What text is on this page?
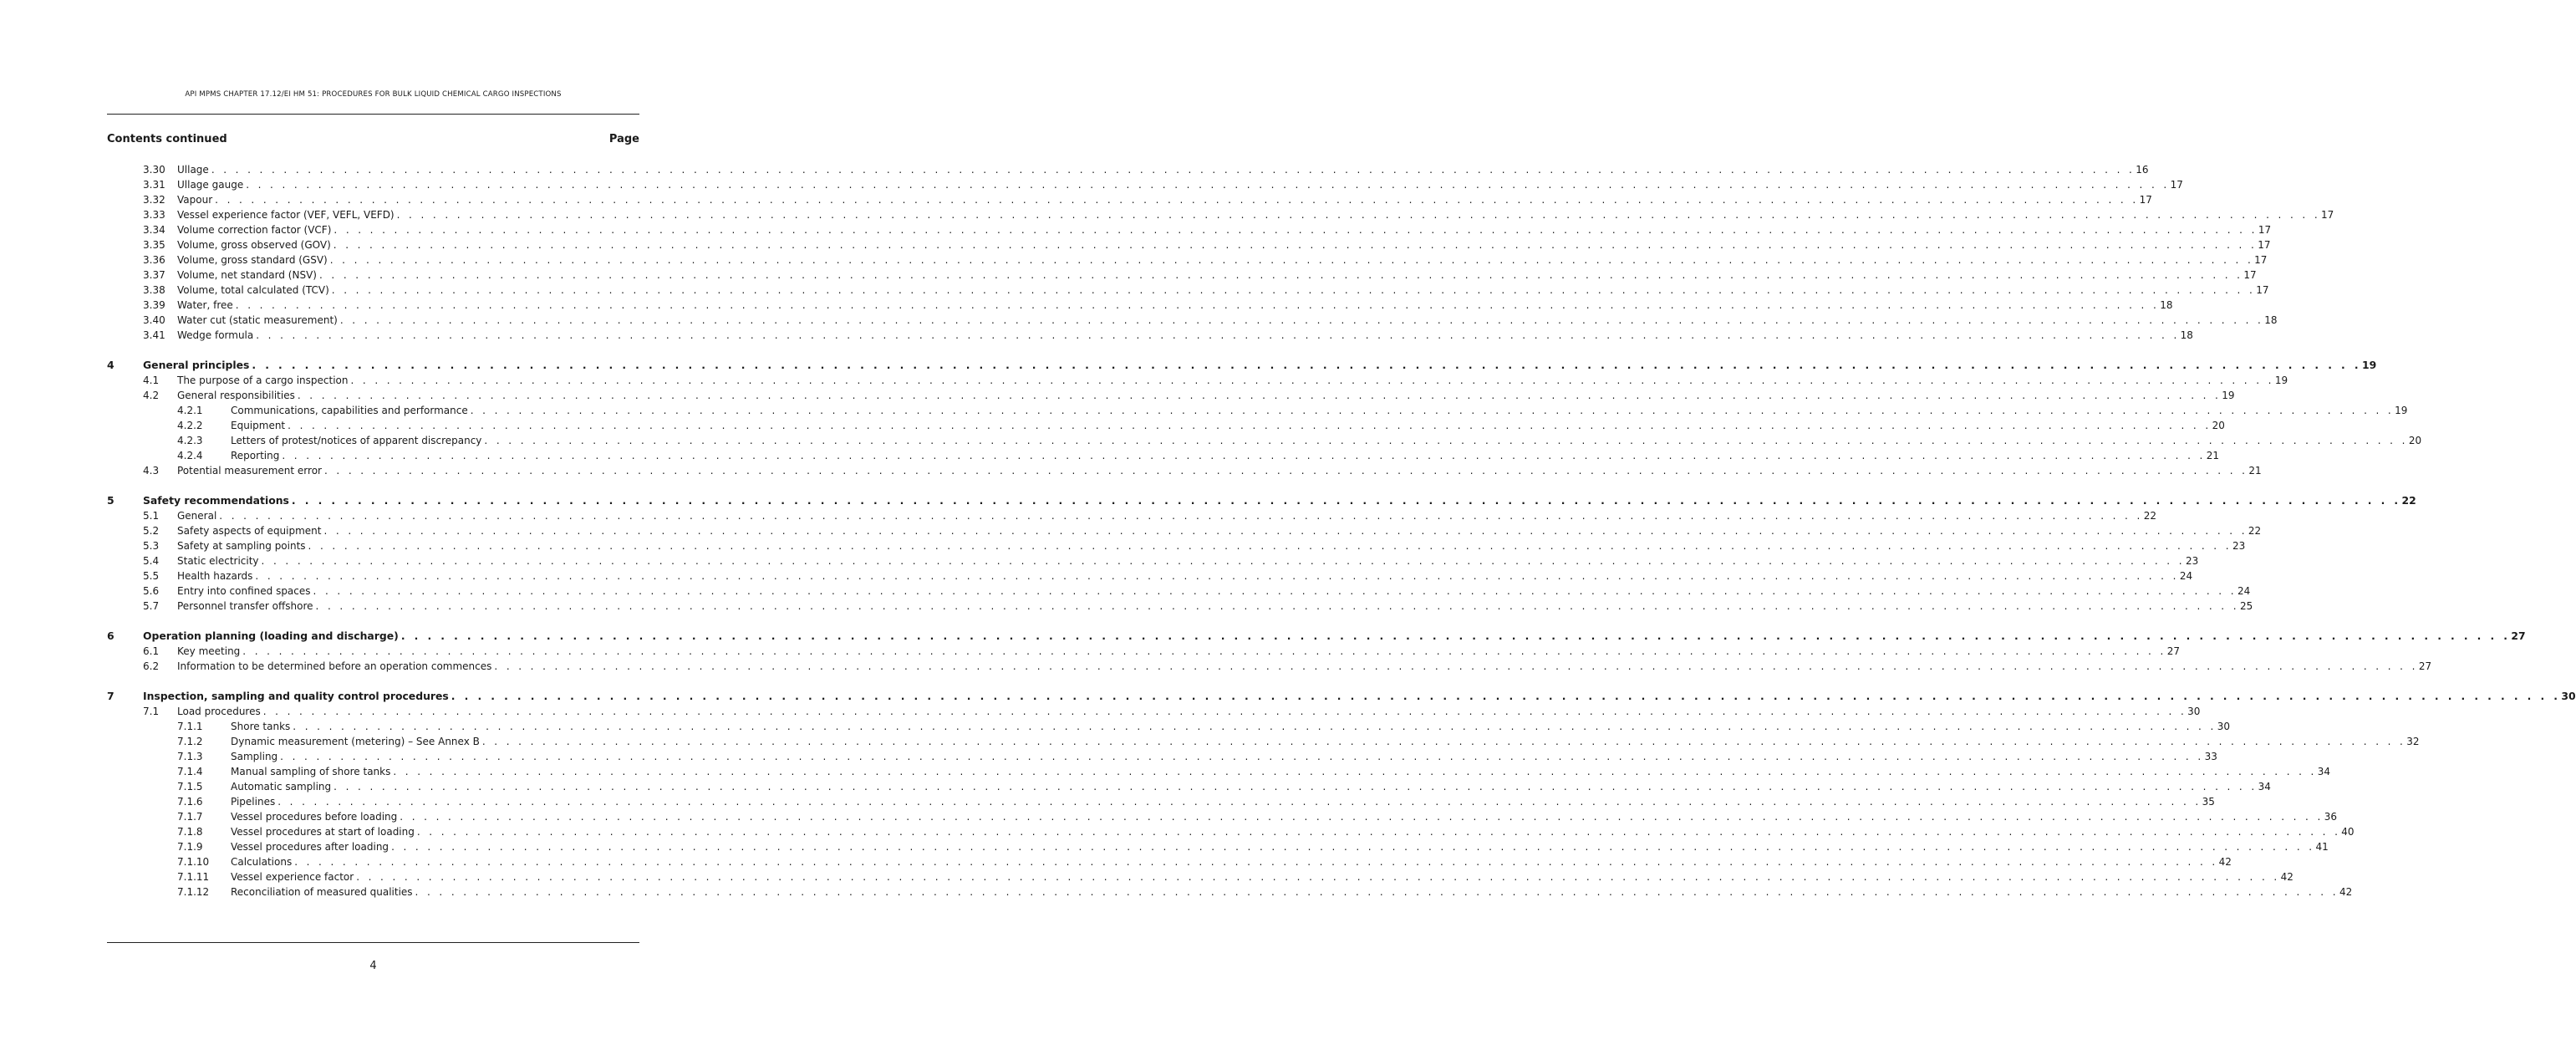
API MPMS CHAPTER 17.12/EI HM 51: PROCEDURES FOR BULK LIQUID CHEMICAL CARGO INSPECTIONS
Contents continued	Page
3.30 Ullage . . . . . . . . . . . . . . . . . . . . . . . . . . . . . . . . . . . . . . . . . . . . . . . . . . . . . . . . . . . . . . . . . . . . . . . . . . . . . . . . . . . . . . . . . . . . . . . . . . . . . . . . . . . . . . . . . . . . . . . . . . . . . . . . . . . . . . . . . . . . . . . . . . . . . . . . . . . . . . . . 16
3.31 Ullage gauge . . . . . . . . . . . . . . . . . . . . . . . . . . . . . . . . . . . . . . . . . . . . . . . . . . . . . . . . . . . . . . . . . . . . . . . . . . . . . . . . . . . . . . . . . . . . . . . . . . . . . . . . . . . . . . . . . . . . . . . . . . . . . . . . . . . . . . . . . . . . . . . . . . . . . . . . . . . . . . . . 17
3.32 Vapour . . . . . . . . . . . . . . . . . . . . . . . . . . . . . . . . . . . . . . . . . . . . . . . . . . . . . . . . . . . . . . . . . . . . . . . . . . . . . . . . . . . . . . . . . . . . . . . . . . . . . . . . . . . . . . . . . . . . . . . . . . . . . . . . . . . . . . . . . . . . . . . . . . . . . . . . . . . . . . . . 17
3.33 Vessel experience factor (VEF, VEFL, VEFD) . . . . . . . . . . . . . . . . . . . . . . . . . . . . . . . . . . . . . . . . . . . . . . . . . . . . . . . . . . . . . . . . . . . . . . . . . . . . . . . . . . . . . . . . . . . . . . . . . . . . . . . . . . . . . . . . . . . . . . . . . . . . . . . . . . . . . . . . . . . . . . . . . . . . . . . . . . . . . . . . 17
3.34 Volume correction factor (VCF) . . . . . . . . . . . . . . . . . . . . . . . . . . . . . . . . . . . . . . . . . . . . . . . . . . . . . . . . . . . . . . . . . . . . . . . . . . . . . . . . . . . . . . . . . . . . . . . . . . . . . . . . . . . . . . . . . . . . . . . . . . . . . . . . . . . . . . . . . . . . . . . . . . . . . . . . . . . . . . . . 17
3.35 Volume, gross observed (GOV) . . . . . . . . . . . . . . . . . . . . . . . . . . . . . . . . . . . . . . . . . . . . . . . . . . . . . . . . . . . . . . . . . . . . . . . . . . . . . . . . . . . . . . . . . . . . . . . . . . . . . . . . . . . . . . . . . . . . . . . . . . . . . . . . . . . . . . . . . . . . . . . . . . . . . . . . . . . . . . . . 17
3.36 Volume, gross standard (GSV) . . . . . . . . . . . . . . . . . . . . . . . . . . . . . . . . . . . . . . . . . . . . . . . . . . . . . . . . . . . . . . . . . . . . . . . . . . . . . . . . . . . . . . . . . . . . . . . . . . . . . . . . . . . . . . . . . . . . . . . . . . . . . . . . . . . . . . . . . . . . . . . . . . . . . . . . . . . . . . . . 17
3.37 Volume, net standard (NSV) . . . . . . . . . . . . . . . . . . . . . . . . . . . . . . . . . . . . . . . . . . . . . . . . . . . . . . . . . . . . . . . . . . . . . . . . . . . . . . . . . . . . . . . . . . . . . . . . . . . . . . . . . . . . . . . . . . . . . . . . . . . . . . . . . . . . . . . . . . . . . . . . . . . . . . . . . . . . . . . . 17
3.38 Volume, total calculated (TCV) . . . . . . . . . . . . . . . . . . . . . . . . . . . . . . . . . . . . . . . . . . . . . . . . . . . . . . . . . . . . . . . . . . . . . . . . . . . . . . . . . . . . . . . . . . . . . . . . . . . . . . . . . . . . . . . . . . . . . . . . . . . . . . . . . . . . . . . . . . . . . . . . . . . . . . . . . . . . . . . . 17
3.39 Water, free . . . . . . . . . . . . . . . . . . . . . . . . . . . . . . . . . . . . . . . . . . . . . . . . . . . . . . . . . . . . . . . . . . . . . . . . . . . . . . . . . . . . . . . . . . . . . . . . . . . . . . . . . . . . . . . . . . . . . . . . . . . . . . . . . . . . . . . . . . . . . . . . . . . . . . . . . . . . . . . . 18
3.40 Water cut (static measurement) . . . . . . . . . . . . . . . . . . . . . . . . . . . . . . . . . . . . . . . . . . . . . . . . . . . . . . . . . . . . . . . . . . . . . . . . . . . . . . . . . . . . . . . . . . . . . . . . . . . . . . . . . . . . . . . . . . . . . . . . . . . . . . . . . . . . . . . . . . . . . . . . . . . . . . . . . . . . . . . . 18
3.41 Wedge formula . . . . . . . . . . . . . . . . . . . . . . . . . . . . . . . . . . . . . . . . . . . . . . . . . . . . . . . . . . . . . . . . . . . . . . . . . . . . . . . . . . . . . . . . . . . . . . . . . . . . . . . . . . . . . . . . . . . . . . . . . . . . . . . . . . . . . . . . . . . . . . . . . . . . . . . . . . . . . . . . 18
4	General principles . . . . . . . . . . . . . . . . . . . . . . . . . . . . . . . . . . . . . . . . . . . . . . . . . . . . . . . . . . . . . . . . . . . . . . . . . . . . . . . . . . . . . . . . . . . . . . . . . . . . . . . . . . . . . . . . . . . . . . . . . . . . . . . . . . . . . . . . . . . . . . . . . . . . . . . . . . . . . . . . 19
4.1 The purpose of a cargo inspection . . . . . . . . . . . . . . . . . . . . . . . . . . . . . . . . . . . . . . . . . . . . . . . . . . . . . . . . . . . . . . . . . . . . . . . . . . . . . . . . . . . . . . . . . . . . . . . . . . . . . . . . . . . . . . . . . . . . . . . . . . . . . . . . . . . . . . . . . . . . . . . . . . . . . . . . . . . . . . . . 19
4.2 General responsibilities . . . . . . . . . . . . . . . . . . . . . . . . . . . . . . . . . . . . . . . . . . . . . . . . . . . . . . . . . . . . . . . . . . . . . . . . . . . . . . . . . . . . . . . . . . . . . . . . . . . . . . . . . . . . . . . . . . . . . . . . . . . . . . . . . . . . . . . . . . . . . . . . . . . . . . . . . . . . . . . . 19
4.2.1	Communications, capabilities and performance . . . . . . . . . . . . . . . . . . . . . . . . . . . . . . . . . . . . . . . . . . . . . . . . . . . . . . . . . . . . . . . . . . . . . . . . . . . . . . . . . . . . . . . . . . . . . . . . . . . . . . . . . . . . . . . . . . . . . . . . . . . . . . . . . . . . . . . . . . . . . . . . . . . . . . . . . . . . . . . . 19
4.2.2	Equipment . . . . . . . . . . . . . . . . . . . . . . . . . . . . . . . . . . . . . . . . . . . . . . . . . . . . . . . . . . . . . . . . . . . . . . . . . . . . . . . . . . . . . . . . . . . . . . . . . . . . . . . . . . . . . . . . . . . . . . . . . . . . . . . . . . . . . . . . . . . . . . . . . . . . . . . . . . . . . . . . 20
4.2.3	Letters of protest/notices of apparent discrepancy . . . . . . . . . . . . . . . . . . . . . . . . . . . . . . . . . . . . . . . . . . . . . . . . . . . . . . . . . . . . . . . . . . . . . . . . . . . . . . . . . . . . . . . . . . . . . . . . . . . . . . . . . . . . . . . . . . . . . . . . . . . . . . . . . . . . . . . . . . . . . . . . . . . . . . . . . . . . . . . . 20
4.2.4	Reporting . . . . . . . . . . . . . . . . . . . . . . . . . . . . . . . . . . . . . . . . . . . . . . . . . . . . . . . . . . . . . . . . . . . . . . . . . . . . . . . . . . . . . . . . . . . . . . . . . . . . . . . . . . . . . . . . . . . . . . . . . . . . . . . . . . . . . . . . . . . . . . . . . . . . . . . . . . . . . . . . 21
4.3 Potential measurement error . . . . . . . . . . . . . . . . . . . . . . . . . . . . . . . . . . . . . . . . . . . . . . . . . . . . . . . . . . . . . . . . . . . . . . . . . . . . . . . . . . . . . . . . . . . . . . . . . . . . . . . . . . . . . . . . . . . . . . . . . . . . . . . . . . . . . . . . . . . . . . . . . . . . . . . . . . . . . . . . 21
5	Safety recommendations . . . . . . . . . . . . . . . . . . . . . . . . . . . . . . . . . . . . . . . . . . . . . . . . . . . . . . . . . . . . . . . . . . . . . . . . . . . . . . . . . . . . . . . . . . . . . . . . . . . . . . . . . . . . . . . . . . . . . . . . . . . . . . . . . . . . . . . . . . . . . . . . . . . . . . . . . . . . . . . . 22
5.1 General . . . . . . . . . . . . . . . . . . . . . . . . . . . . . . . . . . . . . . . . . . . . . . . . . . . . . . . . . . . . . . . . . . . . . . . . . . . . . . . . . . . . . . . . . . . . . . . . . . . . . . . . . . . . . . . . . . . . . . . . . . . . . . . . . . . . . . . . . . . . . . . . . . . . . . . . . . . . . . . . 22
5.2 Safety aspects of equipment . . . . . . . . . . . . . . . . . . . . . . . . . . . . . . . . . . . . . . . . . . . . . . . . . . . . . . . . . . . . . . . . . . . . . . . . . . . . . . . . . . . . . . . . . . . . . . . . . . . . . . . . . . . . . . . . . . . . . . . . . . . . . . . . . . . . . . . . . . . . . . . . . . . . . . . . . . . . . . . . 22
5.3 Safety at sampling points . . . . . . . . . . . . . . . . . . . . . . . . . . . . . . . . . . . . . . . . . . . . . . . . . . . . . . . . . . . . . . . . . . . . . . . . . . . . . . . . . . . . . . . . . . . . . . . . . . . . . . . . . . . . . . . . . . . . . . . . . . . . . . . . . . . . . . . . . . . . . . . . . . . . . . . . . . . . . . . . 23
5.4 Static electricity . . . . . . . . . . . . . . . . . . . . . . . . . . . . . . . . . . . . . . . . . . . . . . . . . . . . . . . . . . . . . . . . . . . . . . . . . . . . . . . . . . . . . . . . . . . . . . . . . . . . . . . . . . . . . . . . . . . . . . . . . . . . . . . . . . . . . . . . . . . . . . . . . . . . . . . . . . . . . . . . 23
5.5 Health hazards . . . . . . . . . . . . . . . . . . . . . . . . . . . . . . . . . . . . . . . . . . . . . . . . . . . . . . . . . . . . . . . . . . . . . . . . . . . . . . . . . . . . . . . . . . . . . . . . . . . . . . . . . . . . . . . . . . . . . . . . . . . . . . . . . . . . . . . . . . . . . . . . . . . . . . . . . . . . . . . . 24
5.6 Entry into confined spaces . . . . . . . . . . . . . . . . . . . . . . . . . . . . . . . . . . . . . . . . . . . . . . . . . . . . . . . . . . . . . . . . . . . . . . . . . . . . . . . . . . . . . . . . . . . . . . . . . . . . . . . . . . . . . . . . . . . . . . . . . . . . . . . . . . . . . . . . . . . . . . . . . . . . . . . . . . . . . . . . 24
5.7 Personnel transfer offshore . . . . . . . . . . . . . . . . . . . . . . . . . . . . . . . . . . . . . . . . . . . . . . . . . . . . . . . . . . . . . . . . . . . . . . . . . . . . . . . . . . . . . . . . . . . . . . . . . . . . . . . . . . . . . . . . . . . . . . . . . . . . . . . . . . . . . . . . . . . . . . . . . . . . . . . . . . . . . . . . 25
6	Operation planning (loading and discharge) . . . . . . . . . . . . . . . . . . . . . . . . . . . . . . . . . . . . . . . . . . . . . . . . . . . . . . . . . . . . . . . . . . . . . . . . . . . . . . . . . . . . . . . . . . . . . . . . . . . . . . . . . . . . . . . . . . . . . . . . . . . . . . . . . . . . . . . . . . . . . . . . . . . . . . . . . . . . . . . . 27
6.1 Key meeting . . . . . . . . . . . . . . . . . . . . . . . . . . . . . . . . . . . . . . . . . . . . . . . . . . . . . . . . . . . . . . . . . . . . . . . . . . . . . . . . . . . . . . . . . . . . . . . . . . . . . . . . . . . . . . . . . . . . . . . . . . . . . . . . . . . . . . . . . . . . . . . . . . . . . . . . . . . . . . . . 27
6.2 Information to be determined before an operation commences . . . . . . . . . . . . . . . . . . . . . . . . . . . . . . . . . . . . . . . . . . . . . . . . . . . . . . . . . . . . . . . . . . . . . . . . . . . . . . . . . . . . . . . . . . . . . . . . . . . . . . . . . . . . . . . . . . . . . . . . . . . . . . . . . . . . . . . . . . . . . . . . . . . . . . . . . . . . . . . . 27
7	Inspection, sampling and quality control procedures . . . . . . . . . . . . . . . . . . . . . . . . . . . . . . . . . . . . . . . . . . . . . . . . . . . . . . . . . . . . . . . . . . . . . . . . . . . . . . . . . . . . . . . . . . . . . . . . . . . . . . . . . . . . . . . . . . . . . . . . . . . . . . . . . . . . . . . . . . . . . . . . . . . . . . . . . . . . . . . . 30
7.1 Load procedures . . . . . . . . . . . . . . . . . . . . . . . . . . . . . . . . . . . . . . . . . . . . . . . . . . . . . . . . . . . . . . . . . . . . . . . . . . . . . . . . . . . . . . . . . . . . . . . . . . . . . . . . . . . . . . . . . . . . . . . . . . . . . . . . . . . . . . . . . . . . . . . . . . . . . . . . . . . . . . . . 30
7.1.1	Shore tanks . . . . . . . . . . . . . . . . . . . . . . . . . . . . . . . . . . . . . . . . . . . . . . . . . . . . . . . . . . . . . . . . . . . . . . . . . . . . . . . . . . . . . . . . . . . . . . . . . . . . . . . . . . . . . . . . . . . . . . . . . . . . . . . . . . . . . . . . . . . . . . . . . . . . . . . . . . . . . . . . 30
7.1.2	Dynamic measurement (metering) – See Annex B . . . . . . . . . . . . . . . . . . . . . . . . . . . . . . . . . . . . . . . . . . . . . . . . . . . . . . . . . . . . . . . . . . . . . . . . . . . . . . . . . . . . . . . . . . . . . . . . . . . . . . . . . . . . . . . . . . . . . . . . . . . . . . . . . . . . . . . . . . . . . . . . . . . . . . . . . . . . . . . . 32
7.1.3	Sampling . . . . . . . . . . . . . . . . . . . . . . . . . . . . . . . . . . . . . . . . . . . . . . . . . . . . . . . . . . . . . . . . . . . . . . . . . . . . . . . . . . . . . . . . . . . . . . . . . . . . . . . . . . . . . . . . . . . . . . . . . . . . . . . . . . . . . . . . . . . . . . . . . . . . . . . . . . . . . . . . 33
7.1.4	Manual sampling of shore tanks . . . . . . . . . . . . . . . . . . . . . . . . . . . . . . . . . . . . . . . . . . . . . . . . . . . . . . . . . . . . . . . . . . . . . . . . . . . . . . . . . . . . . . . . . . . . . . . . . . . . . . . . . . . . . . . . . . . . . . . . . . . . . . . . . . . . . . . . . . . . . . . . . . . . . . . . . . . . . . . . 34
7.1.5	Automatic sampling . . . . . . . . . . . . . . . . . . . . . . . . . . . . . . . . . . . . . . . . . . . . . . . . . . . . . . . . . . . . . . . . . . . . . . . . . . . . . . . . . . . . . . . . . . . . . . . . . . . . . . . . . . . . . . . . . . . . . . . . . . . . . . . . . . . . . . . . . . . . . . . . . . . . . . . . . . . . . . . . 34
7.1.6	Pipelines . . . . . . . . . . . . . . . . . . . . . . . . . . . . . . . . . . . . . . . . . . . . . . . . . . . . . . . . . . . . . . . . . . . . . . . . . . . . . . . . . . . . . . . . . . . . . . . . . . . . . . . . . . . . . . . . . . . . . . . . . . . . . . . . . . . . . . . . . . . . . . . . . . . . . . . . . . . . . . . . 35
7.1.7	Vessel procedures before loading . . . . . . . . . . . . . . . . . . . . . . . . . . . . . . . . . . . . . . . . . . . . . . . . . . . . . . . . . . . . . . . . . . . . . . . . . . . . . . . . . . . . . . . . . . . . . . . . . . . . . . . . . . . . . . . . . . . . . . . . . . . . . . . . . . . . . . . . . . . . . . . . . . . . . . . . . . . . . . . . 36
7.1.8	Vessel procedures at start of loading . . . . . . . . . . . . . . . . . . . . . . . . . . . . . . . . . . . . . . . . . . . . . . . . . . . . . . . . . . . . . . . . . . . . . . . . . . . . . . . . . . . . . . . . . . . . . . . . . . . . . . . . . . . . . . . . . . . . . . . . . . . . . . . . . . . . . . . . . . . . . . . . . . . . . . . . . . . . . . . . 40
7.1.9	Vessel procedures after loading . . . . . . . . . . . . . . . . . . . . . . . . . . . . . . . . . . . . . . . . . . . . . . . . . . . . . . . . . . . . . . . . . . . . . . . . . . . . . . . . . . . . . . . . . . . . . . . . . . . . . . . . . . . . . . . . . . . . . . . . . . . . . . . . . . . . . . . . . . . . . . . . . . . . . . . . . . . . . . . . 41
7.1.10 Calculations . . . . . . . . . . . . . . . . . . . . . . . . . . . . . . . . . . . . . . . . . . . . . . . . . . . . . . . . . . . . . . . . . . . . . . . . . . . . . . . . . . . . . . . . . . . . . . . . . . . . . . . . . . . . . . . . . . . . . . . . . . . . . . . . . . . . . . . . . . . . . . . . . . . . . . . . . . . . . . . . 42
7.1.11 Vessel experience factor . . . . . . . . . . . . . . . . . . . . . . . . . . . . . . . . . . . . . . . . . . . . . . . . . . . . . . . . . . . . . . . . . . . . . . . . . . . . . . . . . . . . . . . . . . . . . . . . . . . . . . . . . . . . . . . . . . . . . . . . . . . . . . . . . . . . . . . . . . . . . . . . . . . . . . . . . . . . . . . . 42
7.1.12 Reconciliation of measured qualities . . . . . . . . . . . . . . . . . . . . . . . . . . . . . . . . . . . . . . . . . . . . . . . . . . . . . . . . . . . . . . . . . . . . . . . . . . . . . . . . . . . . . . . . . . . . . . . . . . . . . . . . . . . . . . . . . . . . . . . . . . . . . . . . . . . . . . . . . . . . . . . . . . . . . . . . . . . . . . . . 42
4
